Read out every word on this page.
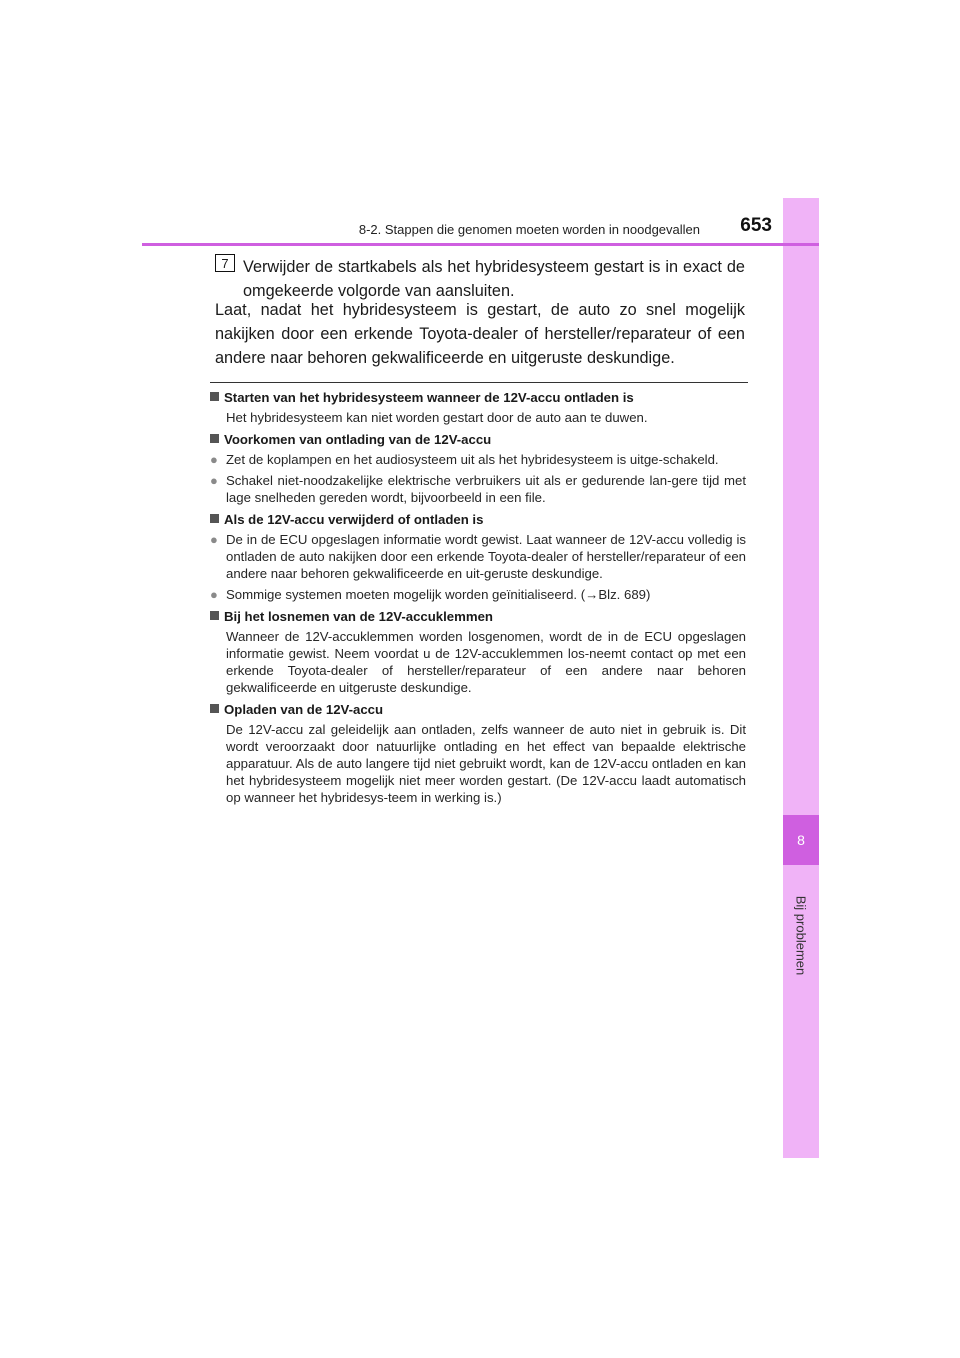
8
Bij problemen
8-2. Stappen die genomen moeten worden in noodgevallen	653
7 Verwijder de startkabels als het hybridesysteem gestart is in exact de omgekeerde volgorde van aansluiten.

Laat, nadat het hybridesysteem is gestart, de auto zo snel mogelijk nakijken door een erkende Toyota-dealer of hersteller/reparateur of een andere naar behoren gekwalificeerde en uitgeruste deskundige.

Starten van het hybridesysteem wanneer de 12V-accu ontladen is
Het hybridesysteem kan niet worden gestart door de auto aan te duwen.
Voorkomen van ontlading van de 12V-accu
● Zet de koplampen en het audiosysteem uit als het hybridesysteem is uitge-schakeld.
● Schakel niet-noodzakelijke elektrische verbruikers uit als er gedurende lan-gere tijd met lage snelheden gereden wordt, bijvoorbeeld in een file.
Als de 12V-accu verwijderd of ontladen is
● De in de ECU opgeslagen informatie wordt gewist. Laat wanneer de 12V-accu volledig is ontladen de auto nakijken door een erkende Toyota-dealer of hersteller/reparateur of een andere naar behoren gekwalificeerde en uit-geruste deskundige.
● Sommige systemen moeten mogelijk worden geïnitialiseerd. (→Blz. 689)
Bij het losnemen van de 12V-accuklemmen
Wanneer de 12V-accuklemmen worden losgenomen, wordt de in de ECU opgeslagen informatie gewist. Neem voordat u de 12V-accuklemmen los-neemt contact op met een erkende Toyota-dealer of hersteller/reparateur of een andere naar behoren gekwalificeerde en uitgeruste deskundige.
Opladen van de 12V-accu
De 12V-accu zal geleidelijk aan ontladen, zelfs wanneer de auto niet in gebruik is. Dit wordt veroorzaakt door natuurlijke ontlading en het effect van bepaalde elektrische apparatuur. Als de auto langere tijd niet gebruikt wordt, kan de 12V-accu ontladen en kan het hybridesysteem mogelijk niet meer worden gestart. (De 12V-accu laadt automatisch op wanneer het hybridesys-teem in werking is.)
